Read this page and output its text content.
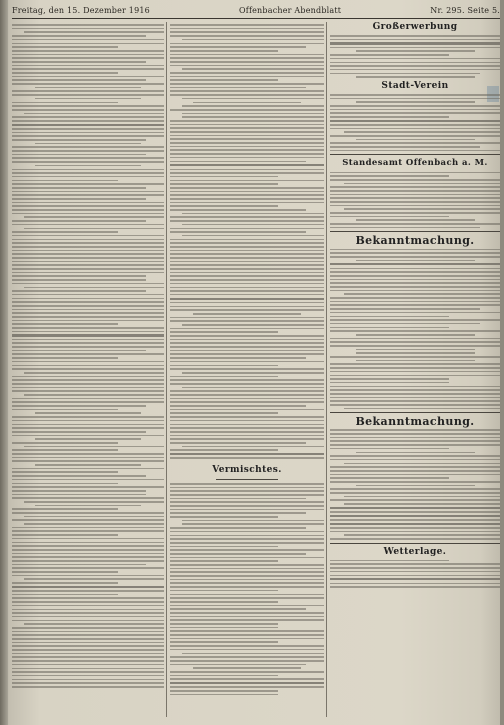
Freitag, den 15. Dezember 1916	Offenbacher Abendblatt	Nr. 295. Seite 5.
Vermischtes.
Großerwerbung
Stadt-Verein
Standesamt Offenbach a. M.
Bekanntmachung.
Bekanntmachung.
Wetterlage.
